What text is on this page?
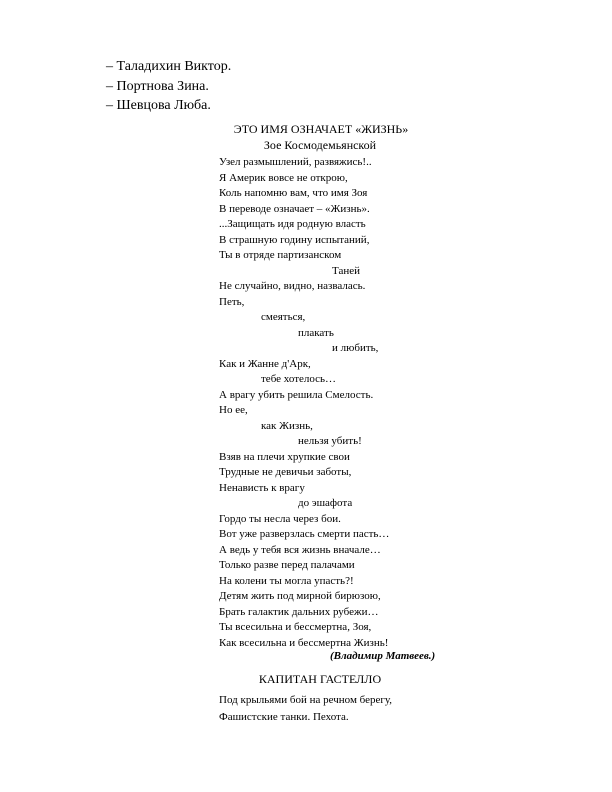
– Таладихин Виктор.
– Портнова Зина.
– Шевцова Люба.
ЭТО ИМЯ ОЗНАЧАЕТ «ЖИЗНЬ»
Зое Космодемьянской
Узел размышлений, развяжись!..
Я Америк вовсе не открою,
Коль напомню вам, что имя Зоя
В переводе означает – «Жизнь».
...Защищать идя родную власть
В страшную годину испытаний,
Ты в отряде партизанском
Таней
Не случайно, видно, назвалась.
Петь,
смеяться,
плакать
и любить,
Как и Жанне д'Арк,
тебе хотелось…
А врагу убить решила Смелость.
Но ее,
как Жизнь,
нельзя убить!
Взяв на плечи хрупкие свои
Трудные не девичьи заботы,
Ненависть к врагу
до эшафота
Гордо ты несла через бои.
Вот уже разверзлась смерти пасть…
А ведь у тебя вся жизнь вначале…
Только разве перед палачами
На колени ты могла упасть?!
Детям жить под мирной бирюзою,
Брать галактик дальних рубежи…
Ты всесильна и бессмертна, Зоя,
Как всесильна и бессмертна Жизнь!
(Владимир Матвеев.)
КАПИТАН ГАСТЕЛЛО
Под крыльями бой на речном берегу,
Фашистские танки. Пехота.
